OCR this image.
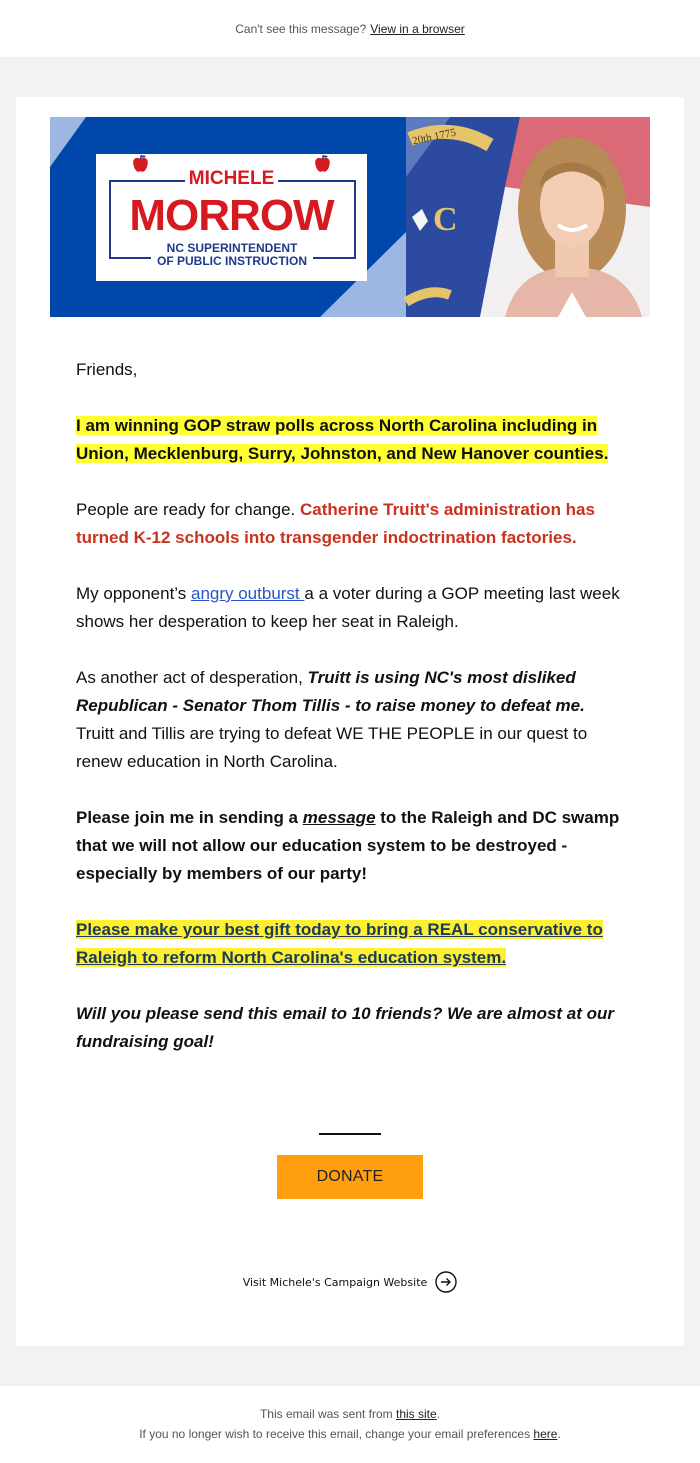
Can't see this message? View in a browser
20th 1775
C
MICHELE
MORROW
NC SUPERINTENDENT
OF PUBLIC INSTRUCTION

Friends,

I am winning GOP straw polls across North Carolina including in Union, Mecklenburg, Surry, Johnston, and New Hanover counties.

People are ready for change. Catherine Truitt's administration has turned K-12 schools into transgender indoctrination factories.

My opponent’s angry outburst a a voter during a GOP meeting last week shows her desperation to keep her seat in Raleigh.

As another act of desperation, Truitt is using NC's most disliked Republican - Senator Thom Tillis - to raise money to defeat me. Truitt and Tillis are trying to defeat WE THE PEOPLE in our quest to renew education in North Carolina.

Please join me in sending a message to the Raleigh and DC swamp that we will not allow our education system to be destroyed - especially by members of our party!

Please make your best gift today to bring a REAL conservative to Raleigh to reform North Carolina's education system.

Will you please send this email to 10 friends? We are almost at our fundraising goal!

DONATE
Visit Michele's Campaign Website
This email was sent from this site.
If you no longer wish to receive this email, change your email preferences here.
